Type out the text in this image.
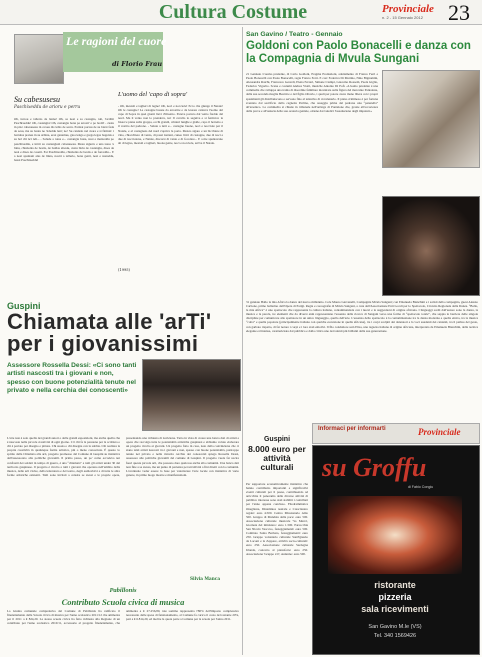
Cultura Costume	Provinciale
n. 2 - 15 Gennaio 2012 23
Le ragioni del cuore
di Florio Frau
Su cabesusesu
Paschixeddu de arioru e perru
Oh, turrou e tallerio de lanna! Oh, sa nosi e sa castagna, toh, t'arribit Paschixeddu! Oh, castangia! Oh, castangia bona pe arrosti' e po bodd! - custu in pizz cabesusesu in coxeu dis lebís de serru. Parizat portau de su biaxi fada de sesu, ma su beatu no 'ndeddu lent; no! Su candelo nel avara e si firmait: i bertulas prenas in su urbina, erax ganamus, gioa lenga e grega legas bagonis e su bel chi nci ndi... - Salude a totus e... castangia bona, nosi e meixeddu po paschixeddu, e intrit su castangiaxi cabesusesu. Mesu sigurru e una tassa 'e binu, chistionis de bestis, de baldas altesiu, custu biriu de castangiu, dises de nosi e dises de cosetti. Est Paschixeddu, chistionis de bestis e de forreddu... E a nosi spuntant alas de linna, nostri a tallerio, bona genti, nosi e nonaddu, bessi Paschixeddu!
L'uomo del 'capo di sopra'
- Oh, mestoli e taglieri di legno! Oh, noci e nocciole! Ecco che giunge il Natale! Oh le castagne! Le castagne buone da arrostire e da lessare cantava l'uomo del capo di Sopra in quei giorni lievi d'inverno. Pareva portato dal vento freddo del nord. Ma il vento non lo prendeva, no! Il cavallo lo seguiva e si fermava: le bisacce piene sulla groppa, occhi grandi, crinieri lunghe e gialle, capo il berretto e il vestito del padrone. - Salute a tutti e... castagne buone, noci e nocciole per il Natale, e al castagnaio del nord s'apriva la porta. Mezzo sigaro e un bicchiere di vino, chiacchiere di vento, di passi lontani, cuneo lirici di castagne, due di noci e due di nocciolone, e Natale, discorsi di vento e di focolare... E a me spuntavano ali di legno, mestoli e taglieri, buona gente, noci e nocciole, arriva il Natale.
(1995)
Guspini
Chiamata alle 'arTi' per i giovanissimi
Assessore Rossella Dessi: «Ci sono tanti artisti nascosti tra i giovani e non, spesso con buone potenzialità tenute nel privato e nella cerchia dei conoscenti»
L'arte non è solo quella dei grandi autori o delle grandi esposizioni, ma anche quella che è nascoste nelle piccole creatività di ogni giorno. C'è chi fa la passione per la scrittura o chi è portato per disegno e pittura. Chi suona o chi disegna con la sabbia. Chi realizza la propria creatività in qualunque forma artistica, più o meno conosciuta. È questo lo spirito della Chiamata alle arti, progetto promosso dal Comune di Guspini su iniziativa dell'assessorato alle politiche giovanili. Il primo passo, un po' come accadeva nei confronti dei soldati in tempo di guerra, è una “chiamata” a tutti gli artisti under 30 del territorio guspinese. Il progetto è rivolto a tutti i giovani che operano nell'ambito della musica, delle arti visive, della letteratura e del teatro, degli audiovisivi e di tutte le altre forme artistiche esistenti. Tutti sono invitati a censire se stessi e le proprie opere, presentando una richiesta di iscrizione. Tutto in vista di creare una banca dati di artisti e opere che raccolga tutte le potenzialità artistiche guspinesi e abbiamo voluto elaborare un progetto rivolto ai giovani. Un progetto fatto in casa, nato dalla convinzione che ci siano tanti artisti nascosti tra i giovani e non, spesso con buone potenzialità, purtroppo tenute nel privato e nella ristretta cerchia dei conoscenti spiega Rossella Dessi, assessore alle politiche giovanili del comune di Guspini. Il progetto vuole far uscire fuori queste piccole arti, che possono dare qualcosa anche alla comunità. Una banca dati non fine a se stessa, ma un punto di partenza per un'attività a fini diretti con la comunità. L'eventuale veder essere la base per valorizzare l'arte locale con iniziative di vario genere, in primo luogo mostre e manifestazioni.
Silvia Manca
Pabillonis
Contributo Scuola civica di musica
La Giunta comunale comprensiva del Comune di Pabillonis ha ratificato il finanziamento della Scuola civica di musica per l'anno scolastico 2011/12 che ammonta per il 2011 a € 824,20. La stessa scuola civica ha fatto richiesta alla Regione di un contributo per l'anno scolastico 2010/11, accessorio al progetto finanziamento, che ammonta a € 27.256,80, tale somma rappresenta l'80% dell'importo complessivo necessario delle spese di funzionamento, al Comune fa carico il costo del restante 20%, pari a € 6.814,20, ed inoltre la quota parte a Comune per la scuola per l'anno 2011.
San Gavino / Teatro - Gennaio
Goldoni con Paolo Bonacelli e danza con la Compagnia di Mvula Sungani
21 Gennaio L'uomo prudente, di Carlo Goldoni, Pragma Produzioni, adattamento di Franco Ferri e Paolo Bonacelli con Paolo Bonacelli, regia Franco Ferri. E con: Federica Di Martino, Nino Bignamini, Alessandra Raichi, Francesco Gerardi, Elena Ferrari, Simone Ciampi, Giacomo Rossetti, Paola Giglio, Federico Vigorito. Scene e costumi Andrea Viotti, musiche Antonio Di Pofi. «L'uomo prudente è una commedia che sviluppa una trama di disordine familiare incentrata sulla figura del mercante Pantalone, della sua seconda moglie Beatrice e del figlio Ottavio, i quali per potere avere mano libera con i propri spasimanti gli distribuiscono e servono fino al tentativo di avvelenarlo. Il piano criminoso è per fortuna sventato dal sacrificio della cagnetta Perlina, che assaggia prima del padrone una “panatella” all'arsenico. La commedia si chiude in tribunale nell'arringa di Pantalone che, grazie all'accortezza delle prove e all'astuzia delle sua oratoria geniale, ottiene dai Giudici l'assoluzione degli imputati.»
31 gennaio Ballo la mia Africa la danza del nuovo millennio. Cole Mauro Giovanelli, Compagnia Mvula Sungani; con Emanuela Bianchini e i solisti della compagnia, guest Alessio Carbone, primo ballerino dell'Opera di Parigi. Regia e coreografie di Mvula Sungani, a cura dell'Associazione Enti Locali per lo Spettacolo, Circuito Regionale della Danza. “Ballo, la mia Africa” è uno spettacolo che rappresenta la cultura italiana, contaminandola con i nuovi e le suggestioni di origine africana. I linguaggi scelti dall'autore sono la danza, la musica e la parola, tre elementi che da diversi anni rappresentano l'essenza della ricerca di Sungani verso una forma di “spettacolo totale”, che sappia le barriere delle singole discipline per comunicare allo spettatore in un unico linguaggio, quello dell'arte. L'essenza dello spettacolo è la contaminazione tra la danza moderna e quella etnica, tra la musica “colta” e quella popolare (principalmente italiana con qualche escursione in quella africana), tra i corpi scolpiti dei danzatori e la voci suadenti dei cantanti, tra il pathos del gesto, con garbato rispetto, di far notare i corpi e i loro stati emotivi. Il filo conduttore sarà Elisa, una ragazza italiana di origine africana, interpretata da Emanuela Bianchini, della tecnica elegante ed intensa, caratterizzata dal pubblico e dalla critica uno dei talenti più brillanti della sua generazione.
Guspini
8.000 euro per attività culturali
Per supportare economicamente iniziative che hanno contribuito importanti e significativi eventi culturali per il paese, contribuendo ad arricchire il panorama delle diverse attività di pubblico interesse sono stati stabiliti i contributi per l'anno appena concluso. Filodrammatica Onegliona, Dinamikos teatrale e Cresciteatro regalò: euro 4.500. Centro Missionario Aldo 500. Gruppo di Mandala della pace: euro 500. Associazione culturale musicale 'Sa Marra', Giornata del ministero: euro 1.500. Parrocchia San Nicolò Vescovo, festeggiamenti: euro 500. Comitato Santa Barbara, festeggiamenti: euro 250. Gruppo volontario culturale Sant'Ignazio da Laconi e la Zeppare, attività socio-culturali: euro 250. Associazione culturale Sardegna Irlanda, concerto al pianoforte: euro 250. Associazione 'Gruppo 2.0', Autunno: euro 500.
Informaci per informarti	Provinciale
su Groffu
di Fabio Congiu
ristorante
pizzeria
sala ricevimenti
San Gavino M.le (VS)
Tel. 340 1569426
